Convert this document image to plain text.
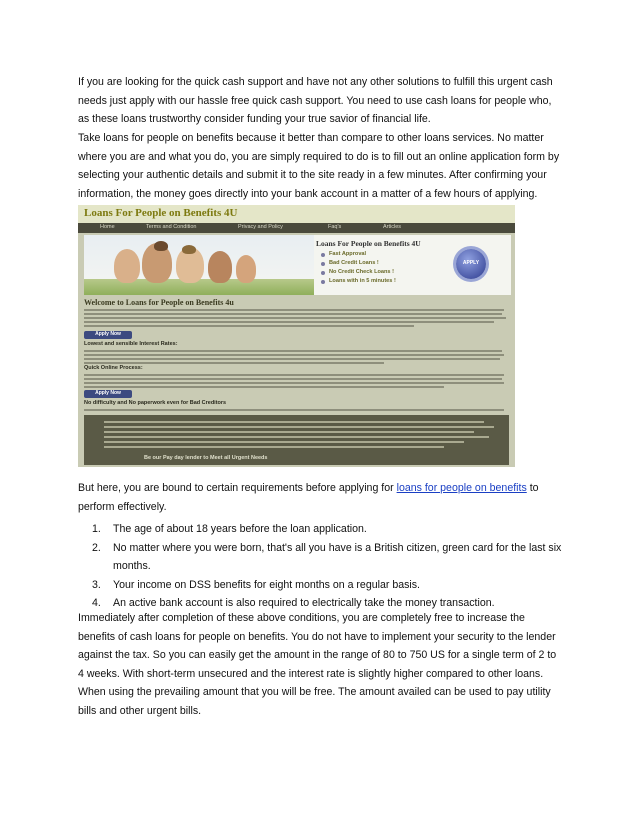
If you are looking for the quick cash support and have not any other solutions to fulfill this urgent cash needs just apply with our hassle free quick cash support. You need to use cash loans for people who, as these loans trustworthy consider funding your true savior of financial life.

Take loans for people on benefits because it better than compare to other loans services. No matter where you are and what you do, you are simply required to do is to fill out an online application form by selecting your authentic details and submit it to the site ready in a few minutes. After confirming your information, the money goes directly into your bank account in a matter of a few hours of applying.

Loans For People on Benefits 4U
Home	Terms and Condition	Privacy and Policy	Faq's	Articles
Loans For People on Benefits 4U
Fast Approval
Bad Credit Loans !
No Credit Check Loans !
Loans with in 5 minutes !
APPLY
Welcome to Loans for People on Benefits 4u
Apply Now
Lowest and sensible Interest Rates:
Quick Online Process:
Apply Now
No difficulty and No paperwork even for Bad Creditors
Be our Pay day lender to Meet all Urgent Needs

But here, you are bound to certain requirements before applying for loans for people on benefits to perform effectively.

1. The age of about 18 years before the loan application.
2. No matter where you were born, that's all you have is a British citizen, green card for the last six months.
3. Your income on DSS benefits for eight months on a regular basis.
4. An active bank account is also required to electrically take the money transaction.

Immediately after completion of these above conditions, you are completely free to increase the benefits of cash loans for people on benefits. You do not have to implement your security to the lender against the tax. So you can easily get the amount in the range of 80 to 750 US for a single term of 2 to 4 weeks. With short-term unsecured and the interest rate is slightly higher compared to other loans. When using the prevailing amount that you will be free. The amount availed can be used to pay utility bills and other urgent bills.
